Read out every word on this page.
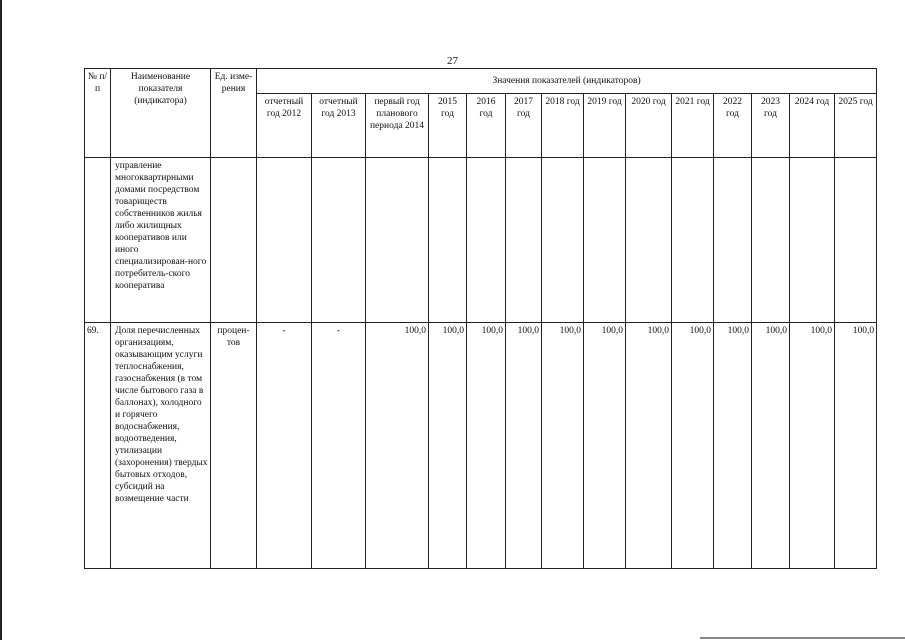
27
№ п/п	Наименование показателя (индикатора)	Ед. изме-рения	Значения показателей (индикаторов)													
			отчетный год 2012	отчетный год 2013	первый год планового периода 2014	2015 год	2016 год	2017 год	2018 год	2019 год	2020 год	2021 год	2022 год	2023 год	2024 год	2025 год
	управление многоквартирными домами посредством товариществ собственников жилья либо жилищных кооперативов или иного специализирован-ного потребитель-ского кооператива															
69.	Доля перечисленных организациям, оказывающим услуги теплоснабжения, газоснабжения (в том числе бытового газа в баллонах), холодного и горячего водоснабжения, водоотведения, утилизации (захоронения) твердых бытовых отходов, субсидий на возмещение части	процен-тов	-	-	100,0	100,0	100,0	100,0	100,0	100,0	100,0	100,0	100,0	100,0	100,0	100,0
